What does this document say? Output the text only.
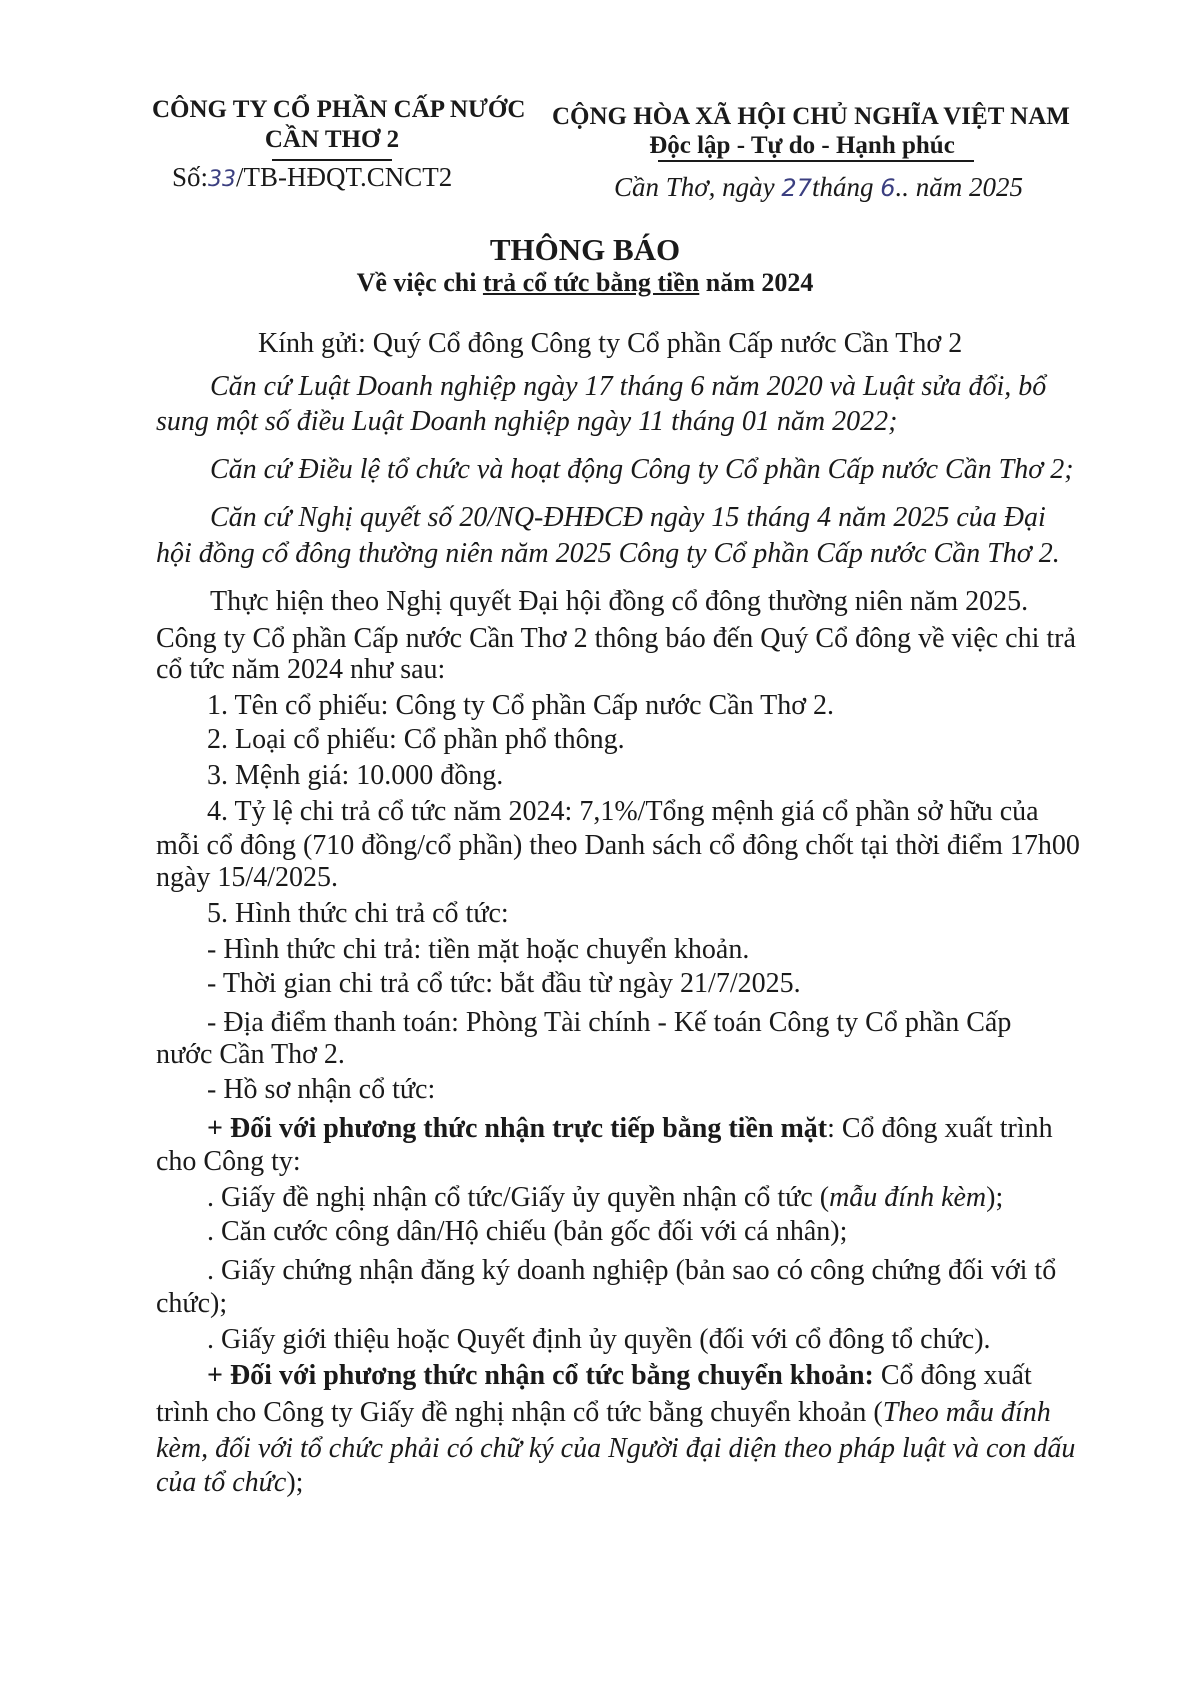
CÔNG TY CỔ PHẦN CẤP NƯỚC
CẦN THƠ 2
Số:33/TB-HĐQT.CNCT2
CỘNG HÒA XÃ HỘI CHỦ NGHĨA VIỆT NAM
Độc lập - Tự do - Hạnh phúc
Cần Thơ, ngày 27tháng 6.. năm 2025
THÔNG BÁO
Về việc chi trả cổ tức bằng tiền năm 2024
Kính gửi: Quý Cổ đông Công ty Cổ phần Cấp nước Cần Thơ 2
Căn cứ Luật Doanh nghiệp ngày 17 tháng 6 năm 2020 và Luật sửa đổi, bổ
sung một số điều Luật Doanh nghiệp ngày 11 tháng 01 năm 2022;
Căn cứ Điều lệ tổ chức và hoạt động Công ty Cổ phần Cấp nước Cần Thơ 2;
Căn cứ Nghị quyết số 20/NQ-ĐHĐCĐ ngày 15 tháng 4 năm 2025 của Đại
hội đồng cổ đông thường niên năm 2025 Công ty Cổ phần Cấp nước Cần Thơ 2.
Thực hiện theo Nghị quyết Đại hội đồng cổ đông thường niên năm 2025.
Công ty Cổ phần Cấp nước Cần Thơ 2 thông báo đến Quý Cổ đông về việc chi trả
cổ tức năm 2024 như sau:
1. Tên cổ phiếu: Công ty Cổ phần Cấp nước Cần Thơ 2.
2. Loại cổ phiếu: Cổ phần phổ thông.
3. Mệnh giá: 10.000 đồng.
4. Tỷ lệ chi trả cổ tức năm 2024: 7,1%/Tổng mệnh giá cổ phần sở hữu của
mỗi cổ đông (710 đồng/cổ phần) theo Danh sách cổ đông chốt tại thời điểm 17h00
ngày 15/4/2025.
5. Hình thức chi trả cổ tức:
- Hình thức chi trả: tiền mặt hoặc chuyển khoản.
- Thời gian chi trả cổ tức: bắt đầu từ ngày 21/7/2025.
- Địa điểm thanh toán: Phòng Tài chính - Kế toán Công ty Cổ phần Cấp
nước Cần Thơ 2.
- Hồ sơ nhận cổ tức:
+ Đối với phương thức nhận trực tiếp bằng tiền mặt: Cổ đông xuất trình
cho Công ty:
. Giấy đề nghị nhận cổ tức/Giấy ủy quyền nhận cổ tức (mẫu đính kèm);
. Căn cước công dân/Hộ chiếu (bản gốc đối với cá nhân);
. Giấy chứng nhận đăng ký doanh nghiệp (bản sao có công chứng đối với tổ
chức);
. Giấy giới thiệu hoặc Quyết định ủy quyền (đối với cổ đông tổ chức).
+ Đối với phương thức nhận cổ tức bằng chuyển khoản: Cổ đông xuất
trình cho Công ty Giấy đề nghị nhận cổ tức bằng chuyển khoản (Theo mẫu đính
kèm, đối với tổ chức phải có chữ ký của Người đại diện theo pháp luật và con dấu
của tổ chức);
